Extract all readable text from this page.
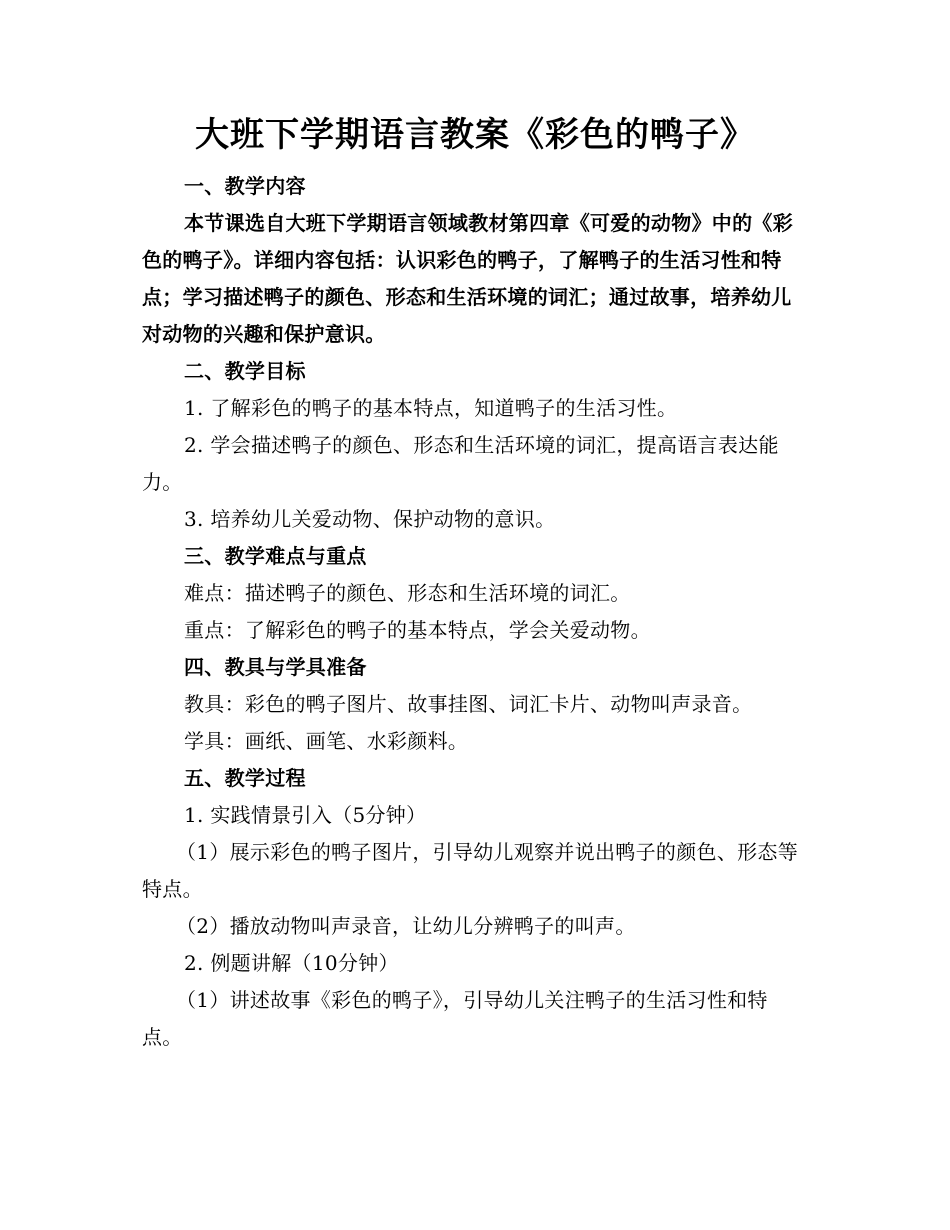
大班下学期语言教案《彩色的鸭子》

一、教学内容

本节课选自大班下学期语言领域教材第四章《可爱的动物》中的《彩色的鸭子》。详细内容包括：认识彩色的鸭子，了解鸭子的生活习性和特点；学习描述鸭子的颜色、形态和生活环境的词汇；通过故事，培养幼儿对动物的兴趣和保护意识。

二、教学目标

1. 了解彩色的鸭子的基本特点，知道鸭子的生活习性。

2. 学会描述鸭子的颜色、形态和生活环境的词汇，提高语言表达能力。

3. 培养幼儿关爱动物、保护动物的意识。

三、教学难点与重点

难点：描述鸭子的颜色、形态和生活环境的词汇。

重点：了解彩色的鸭子的基本特点，学会关爱动物。

四、教具与学具准备

教具：彩色的鸭子图片、故事挂图、词汇卡片、动物叫声录音。

学具：画纸、画笔、水彩颜料。

五、教学过程

1. 实践情景引入（5分钟）

（1）展示彩色的鸭子图片，引导幼儿观察并说出鸭子的颜色、形态等特点。

（2）播放动物叫声录音，让幼儿分辨鸭子的叫声。

2. 例题讲解（10分钟）

（1）讲述故事《彩色的鸭子》，引导幼儿关注鸭子的生活习性和特点。
